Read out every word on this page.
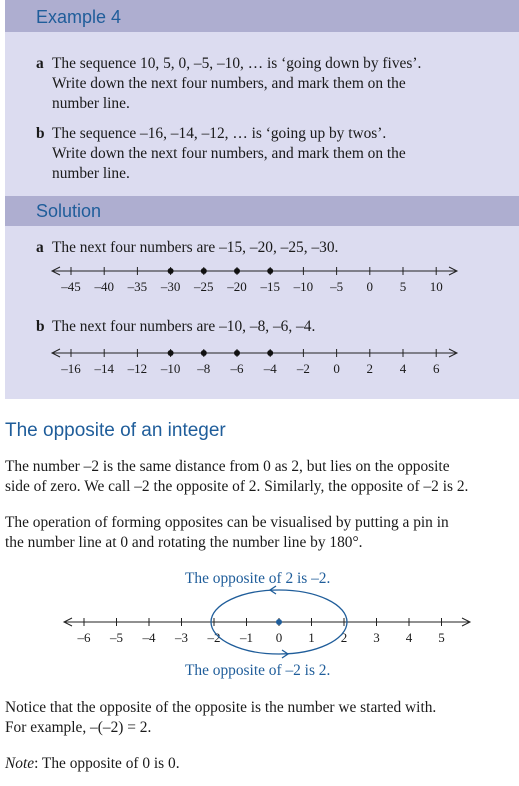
Example 4
a The sequence 10, 5, 0, –5, –10, … is ‘going down by fives’.
Write down the next four numbers, and mark them on the
number line.
b The sequence –16, –14, –12, … is ‘going up by twos’.
Write down the next four numbers, and mark them on the
number line.
Solution
a The next four numbers are –15, –20, –25, –30.
–45 –40 –35 –30 –25 –20 –15 –10 –5 0 5 10
b The next four numbers are –10, –8, –6, –4.
–16 –14 –12 –10 –8 –6 –4 –2 0 2 4 6
The opposite of an integer
The number –2 is the same distance from 0 as 2, but lies on the opposite
side of zero. We call –2 the opposite of 2. Similarly, the opposite of –2 is 2.
The operation of forming opposites can be visualised by putting a pin in
the number line at 0 and rotating the number line by 180°.
The opposite of 2 is –2.
–6 –5 –4 –3 –2 –1 0 1 2 3 4 5
The opposite of –2 is 2.
Notice that the opposite of the opposite is the number we started with.
For example, –(–2) = 2.
Note: The opposite of 0 is 0.
